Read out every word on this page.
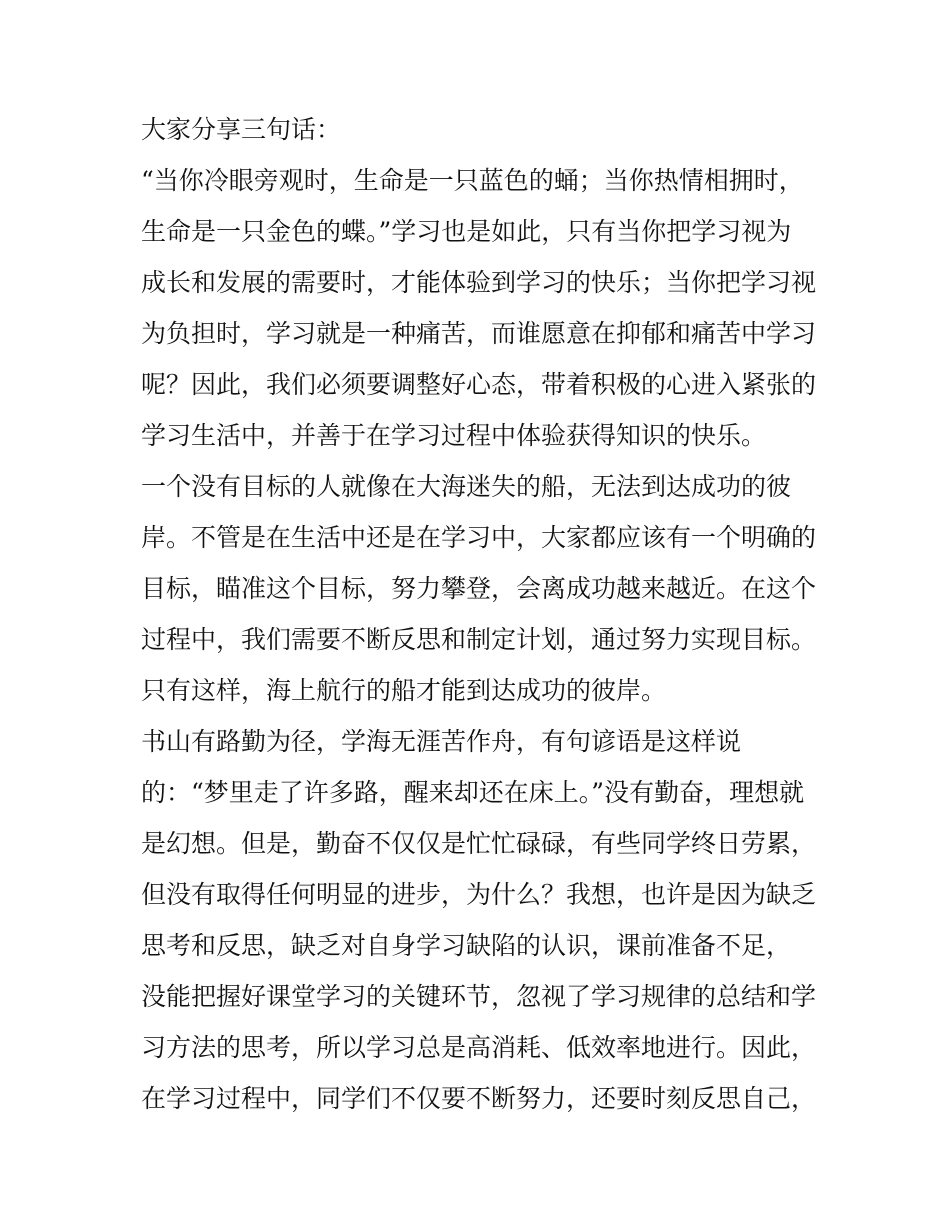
大家分享三句话：
“当你冷眼旁观时，生命是一只蓝色的蛹；当你热情相拥时，
生命是一只金色的蝶。”学习也是如此，只有当你把学习视为
成长和发展的需要时，才能体验到学习的快乐；当你把学习视
为负担时，学习就是一种痛苦，而谁愿意在抑郁和痛苦中学习
呢？因此，我们必须要调整好心态，带着积极的心进入紧张的
学习生活中，并善于在学习过程中体验获得知识的快乐。
一个没有目标的人就像在大海迷失的船，无法到达成功的彼
岸。不管是在生活中还是在学习中，大家都应该有一个明确的
目标，瞄准这个目标，努力攀登，会离成功越来越近。在这个
过程中，我们需要不断反思和制定计划，通过努力实现目标。
只有这样，海上航行的船才能到达成功的彼岸。
书山有路勤为径，学海无涯苦作舟，有句谚语是这样说
的：“梦里走了许多路，醒来却还在床上。”没有勤奋，理想就
是幻想。但是，勤奋不仅仅是忙忙碌碌，有些同学终日劳累，
但没有取得任何明显的进步，为什么？我想，也许是因为缺乏
思考和反思，缺乏对自身学习缺陷的认识，课前准备不足，
没能把握好课堂学习的关键环节，忽视了学习规律的总结和学
习方法的思考，所以学习总是高消耗、低效率地进行。因此，
在学习过程中，同学们不仅要不断努力，还要时刻反思自己，
